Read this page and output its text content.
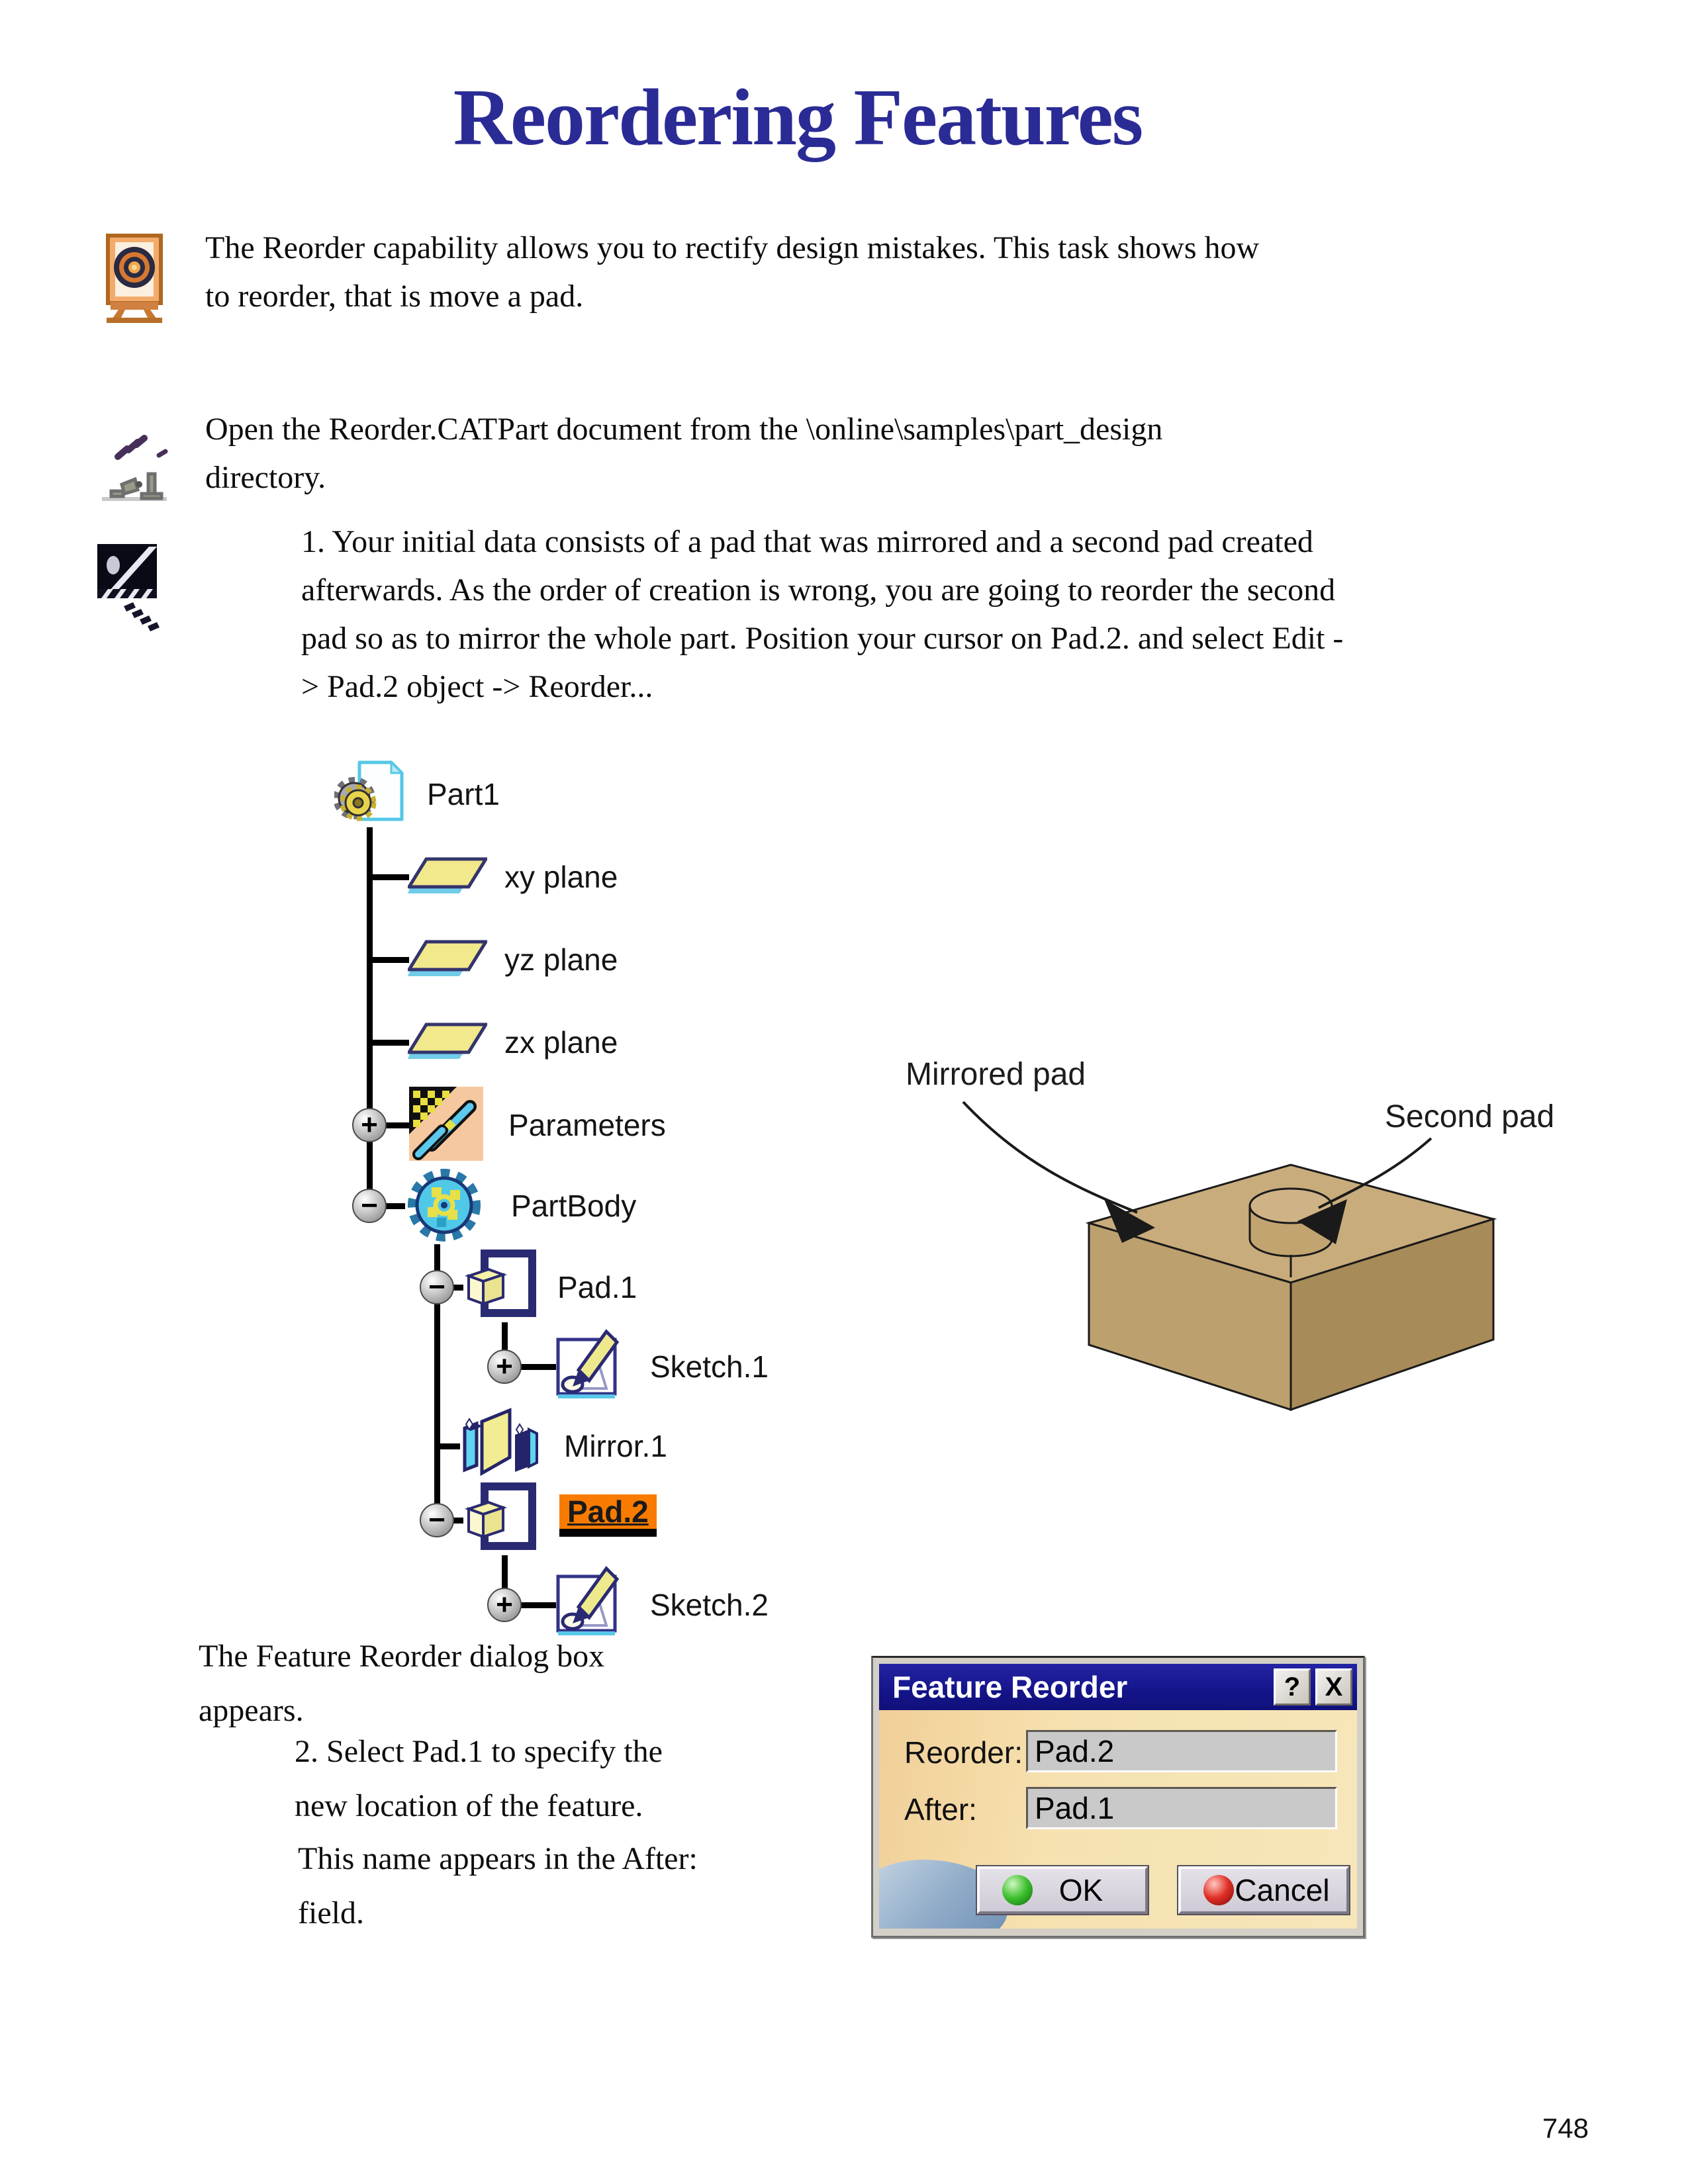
Reordering Features
The Reorder capability allows you to rectify design mistakes. This task shows how
to reorder, that is move a pad.
Open the Reorder.CATPart document from the \online\samples\part_design
directory.
1. Your initial data consists of a pad that was mirrored and a second pad created
afterwards. As the order of creation is wrong, you are going to reorder the second
pad so as to mirror the whole part. Position your cursor on Pad.2. and select Edit -
> Pad.2 object -> Reorder...
Part1
xy plane
yz plane
zx plane
+	Parameters
−	PartBody
−	Pad.1
+	Sketch.1
Mirror.1
−	Pad.2
+	Sketch.2
Mirrored pad
Second pad
The Feature Reorder dialog box
appears.
2. Select Pad.1 to specify the
new location of the feature.
This name appears in the After:
field.
Feature Reorder	? X
Reorder: Pad.2
After: Pad.1
OK	Cancel
748
